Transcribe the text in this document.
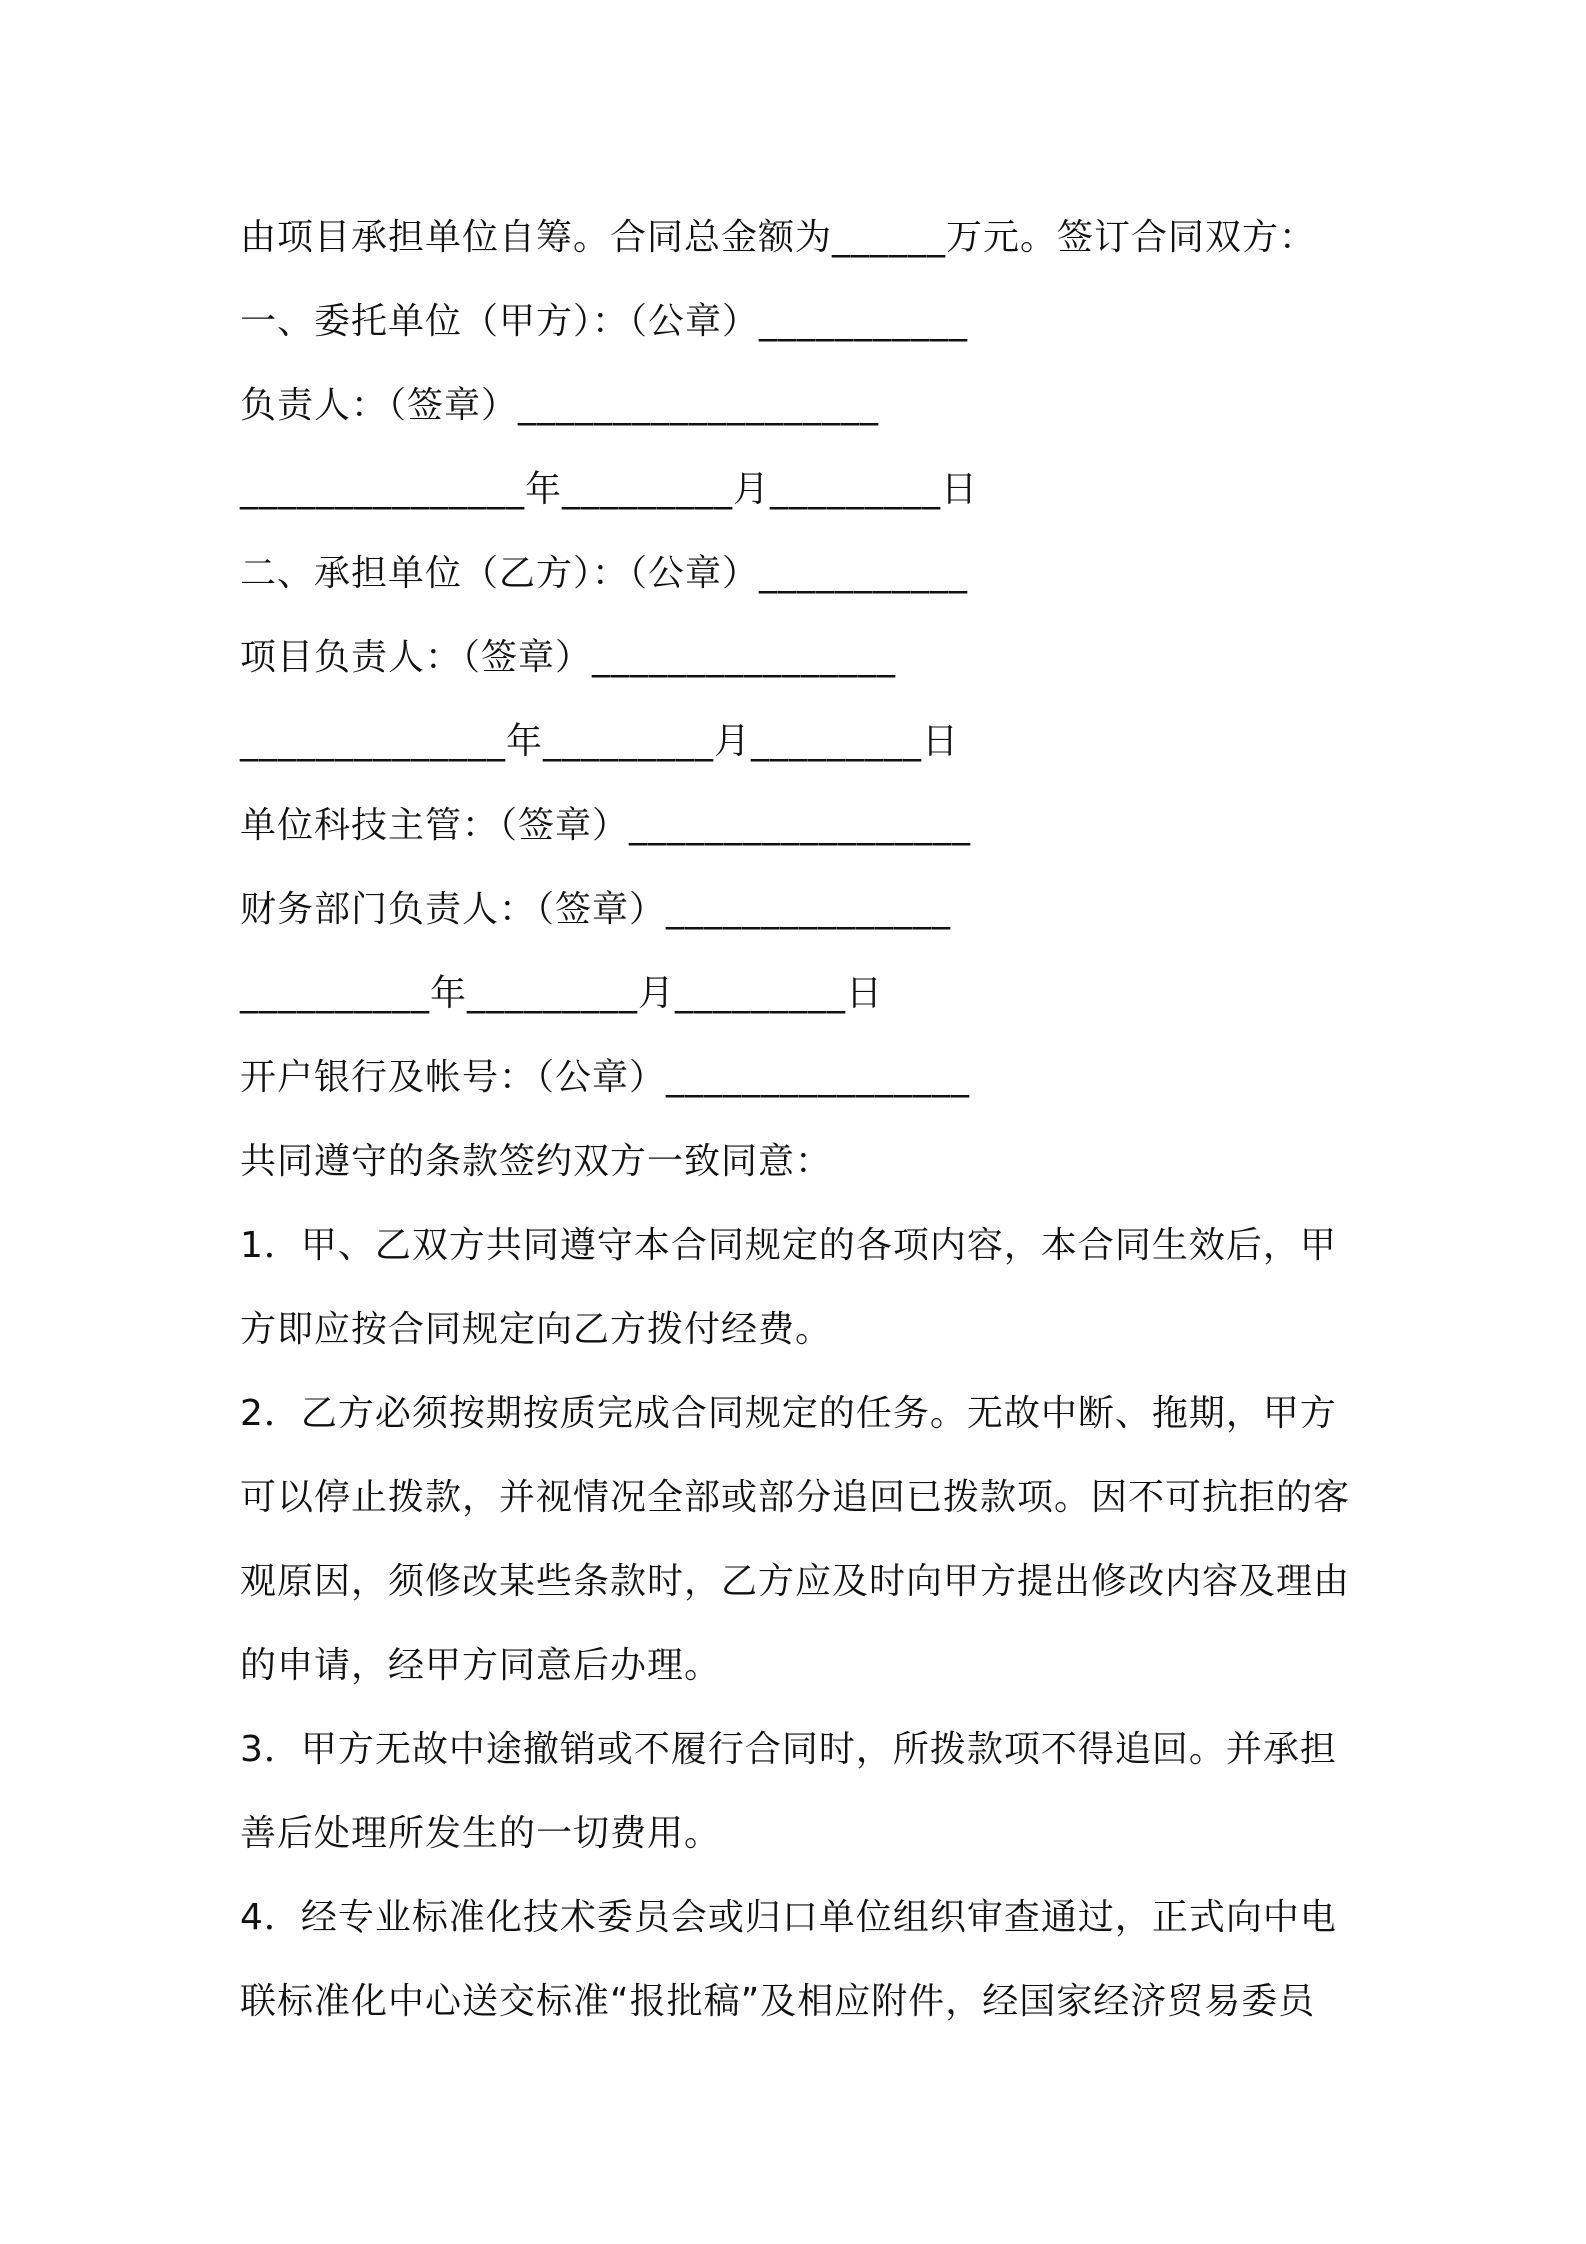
由项目承担单位自筹。合同总金额为______万元。签订合同双方：
一、委托单位（甲方）：（公章）___________
负责人：（签章）___________________
_______________年_________月_________日
二、承担单位（乙方）：（公章）___________
项目负责人：（签章）________________
______________年_________月_________日
单位科技主管：（签章）__________________
财务部门负责人：（签章）_______________
__________年_________月_________日
开户银行及帐号：（公章）________________
共同遵守的条款签约双方一致同意：
1．甲、乙双方共同遵守本合同规定的各项内容，本合同生效后，甲
方即应按合同规定向乙方拨付经费。
2．乙方必须按期按质完成合同规定的任务。无故中断、拖期，甲方
可以停止拨款，并视情况全部或部分追回已拨款项。因不可抗拒的客
观原因，须修改某些条款时，乙方应及时向甲方提出修改内容及理由
的申请，经甲方同意后办理。
3．甲方无故中途撤销或不履行合同时，所拨款项不得追回。并承担
善后处理所发生的一切费用。
4．经专业标准化技术委员会或归口单位组织审查通过，正式向中电
联标准化中心送交标准“报批稿”及相应附件，经国家经济贸易委员
